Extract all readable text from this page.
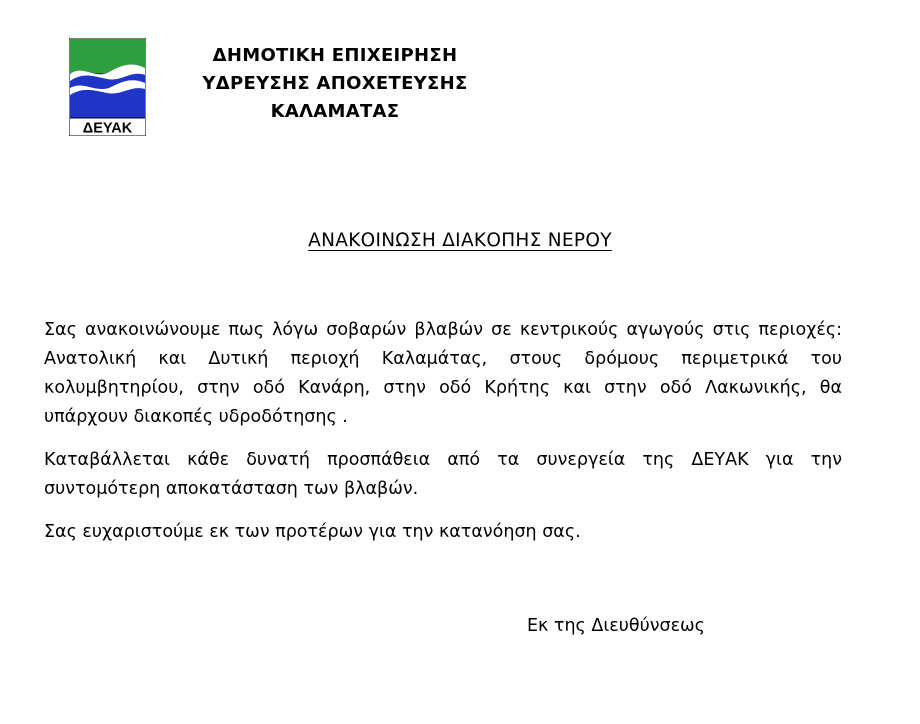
ΔΕΥΑΚ
ΔΗΜΟΤΙΚΗ ΕΠΙΧΕΙΡΗΣΗ
ΥΔΡΕΥΣΗΣ ΑΠΟΧΕΤΕΥΣΗΣ
ΚΑΛΑΜΑΤΑΣ
ΑΝΑΚΟΙΝΩΣΗ ΔΙΑΚΟΠΗΣ ΝΕΡΟΥ

Σας ανακοινώνουμε πως λόγω σοβαρών βλαβών σε κεντρικούς αγωγούς στις περιοχές: Ανατολική και Δυτική περιοχή Καλαμάτας, στους δρόμους περιμετρικά του κολυμβητηρίου, στην οδό Κανάρη, στην οδό Κρήτης και στην οδό Λακωνικής, θα υπάρχουν διακοπές υδροδότησης .

Καταβάλλεται κάθε δυνατή προσπάθεια από τα συνεργεία της ΔΕΥΑΚ για την συντομότερη αποκατάσταση των βλαβών.

Σας ευχαριστούμε εκ των προτέρων για την κατανόηση σας.

Εκ της Διευθύνσεως
